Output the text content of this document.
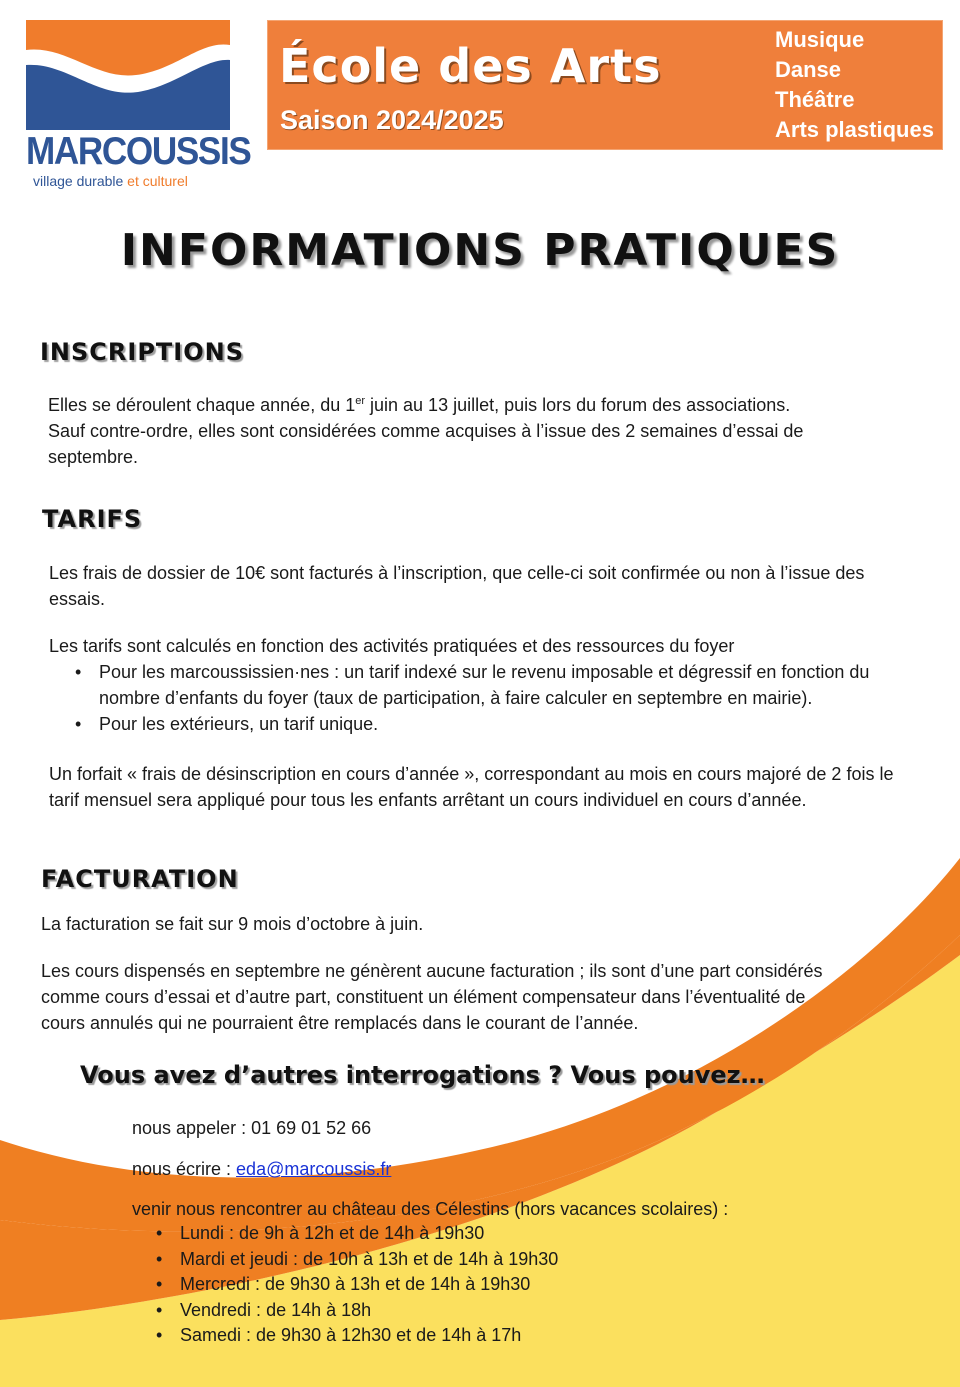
MARCOUSSIS
village durable et culturel
École des Arts
Saison 2024/2025
Musique
Danse
Théâtre
Arts plastiques
INFORMATIONS PRATIQUES
INSCRIPTIONS

Elles se déroulent chaque année, du 1er juin au 13 juillet, puis lors du forum des associations.
Sauf contre-ordre, elles sont considérées comme acquises à l’issue des 2 semaines d’essai de septembre.

TARIFS

Les frais de dossier de 10€ sont facturés à l’inscription, que celle-ci soit confirmée ou non à l’issue des essais.

Les tarifs sont calculés en fonction des activités pratiquées et des ressources du foyer

• Pour les marcoussissien·nes : un tarif indexé sur le revenu imposable et dégressif en fonction du nombre d’enfants du foyer (taux de participation, à faire calculer en septembre en mairie).
• Pour les extérieurs, un tarif unique.

Un forfait « frais de désinscription en cours d’année », correspondant au mois en cours majoré de 2 fois le tarif mensuel sera appliqué pour tous les enfants arrêtant un cours individuel en cours d’année.

FACTURATION

La facturation se fait sur 9 mois d’octobre à juin.

Les cours dispensés en septembre ne génèrent aucune facturation ; ils sont d’une part considérés comme cours d’essai et d’autre part, constituent un élément compensateur dans l’éventualité de cours annulés qui ne pourraient être remplacés dans le courant de l’année.

Vous avez d’autres interrogations ? Vous pouvez…
nous appeler : 01 69 01 52 66
nous écrire : eda@marcoussis.fr
venir nous rencontrer au château des Célestins (hors vacances scolaires) :
• Lundi : de 9h à 12h et de 14h à 19h30
• Mardi et jeudi : de 10h à 13h et de 14h à 19h30
• Mercredi : de 9h30 à 13h et de 14h à 19h30
• Vendredi : de 14h à 18h
• Samedi : de 9h30 à 12h30 et de 14h à 17h
